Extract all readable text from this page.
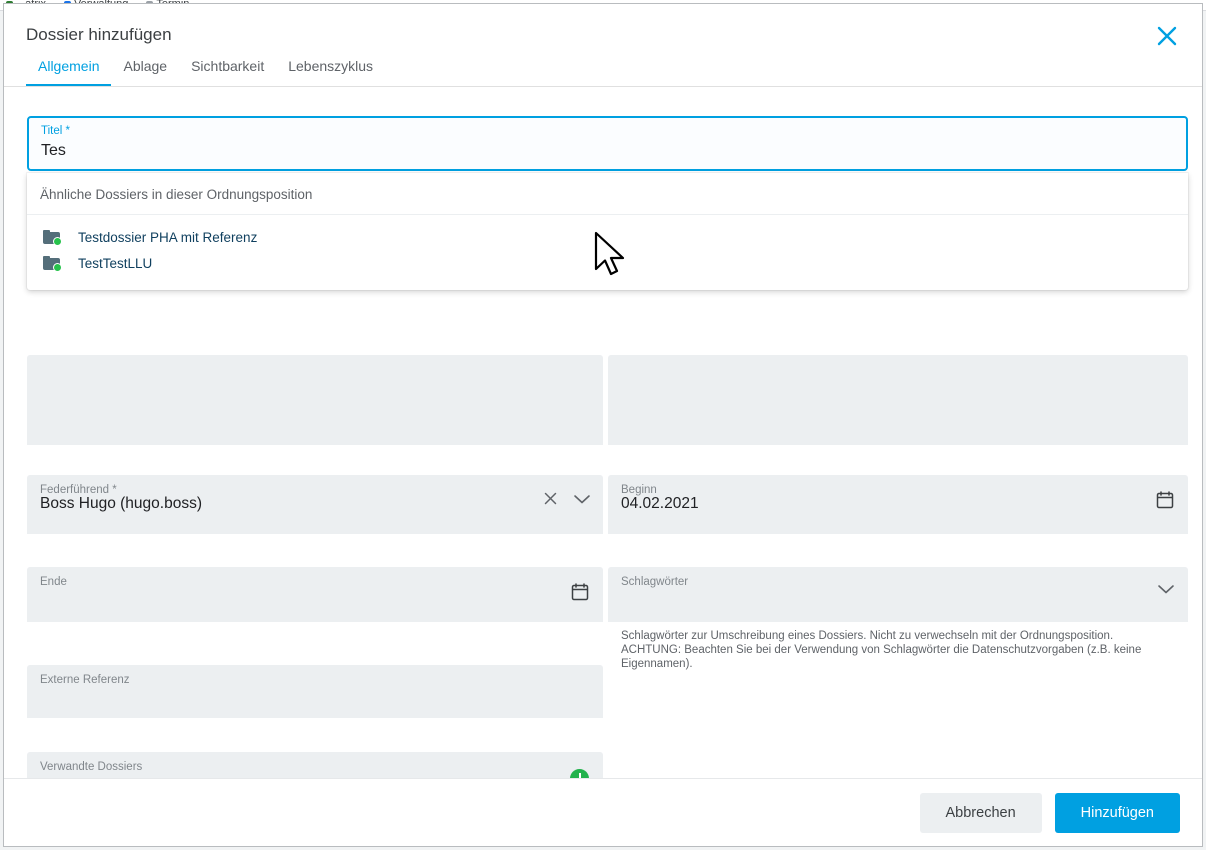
Dossier hinzufügen
Allgemein	Ablage	Sichtbarkeit	Lebenszyklus
Titel *
Tes
Ähnliche Dossiers in dieser Ordnungsposition
Testdossier PHA mit Referenz
TestTestLLU
Federführend *
Boss Hugo (hugo.boss)
Beginn
04.02.2021
Ende	Schlagwörter
Schlagwörter zur Umschreibung eines Dossiers. Nicht zu verwechseln mit der Ordnungsposition.
ACHTUNG: Beachten Sie bei der Verwendung von Schlagwörter die Datenschutzvorgaben (z.B. keine Eigennamen).
Externe Referenz
Verwandte Dossiers
Abbrechen	Hinzufügen
